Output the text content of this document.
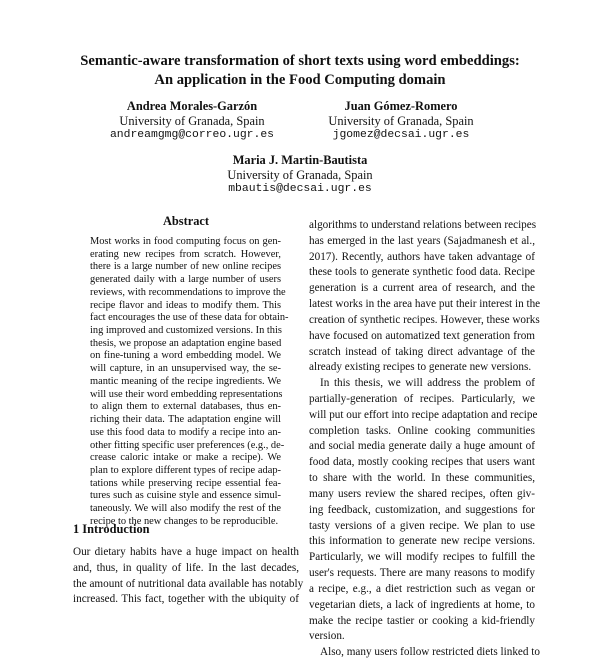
Semantic-aware transformation of short texts using word embeddings:
An application in the Food Computing domain
Andrea Morales-Garzón
University of Granada, Spain
andreamgmg@correo.ugr.es
Juan Gómez-Romero
University of Granada, Spain
jgomez@decsai.ugr.es
Maria J. Martin-Bautista
University of Granada, Spain
mbautis@decsai.ugr.es
Abstract
Most works in food computing focus on gen-
erating new recipes from scratch. However,
there is a large number of new online recipes
generated daily with a large number of users
reviews, with recommendations to improve the
recipe flavor and ideas to modify them. This
fact encourages the use of these data for obtain-
ing improved and customized versions. In this
thesis, we propose an adaptation engine based
on fine-tuning a word embedding model. We
will capture, in an unsupervised way, the se-
mantic meaning of the recipe ingredients. We
will use their word embedding representations
to align them to external databases, thus en-
riching their data. The adaptation engine will
use this food data to modify a recipe into an-
other fitting specific user preferences (e.g., de-
crease caloric intake or make a recipe). We
plan to explore different types of recipe adap-
tations while preserving recipe essential fea-
tures such as cuisine style and essence simul-
taneously. We will also modify the rest of the
recipe to the new changes to be reproducible.
1 Introduction
Our dietary habits have a huge impact on health
and, thus, in quality of life. In the last decades,
the amount of nutritional data available has notably
increased. This fact, together with the ubiquity of
algorithms to understand relations between recipes
has emerged in the last years (Sajadmanesh et al.,
2017). Recently, authors have taken advantage of
these tools to generate synthetic food data. Recipe
generation is a current area of research, and the
latest works in the area have put their interest in the
creation of synthetic recipes. However, these works
have focused on automatized text generation from
scratch instead of taking direct advantage of the
already existing recipes to generate new versions.
In this thesis, we will address the problem of
partially-generation of recipes. Particularly, we
will put our effort into recipe adaptation and recipe
completion tasks. Online cooking communities
and social media generate daily a huge amount of
food data, mostly cooking recipes that users want
to share with the world. In these communities,
many users review the shared recipes, often giv-
ing feedback, customization, and suggestions for
tasty versions of a given recipe. We plan to use
this information to generate new recipe versions.
Particularly, we will modify recipes to fulfill the
user's requests. There are many reasons to modify
a recipe, e.g., a diet restriction such as vegan or
vegetarian diets, a lack of ingredients at home, to
make the recipe tastier or cooking a kid-friendly
version.
Also, many users follow restricted diets linked to
